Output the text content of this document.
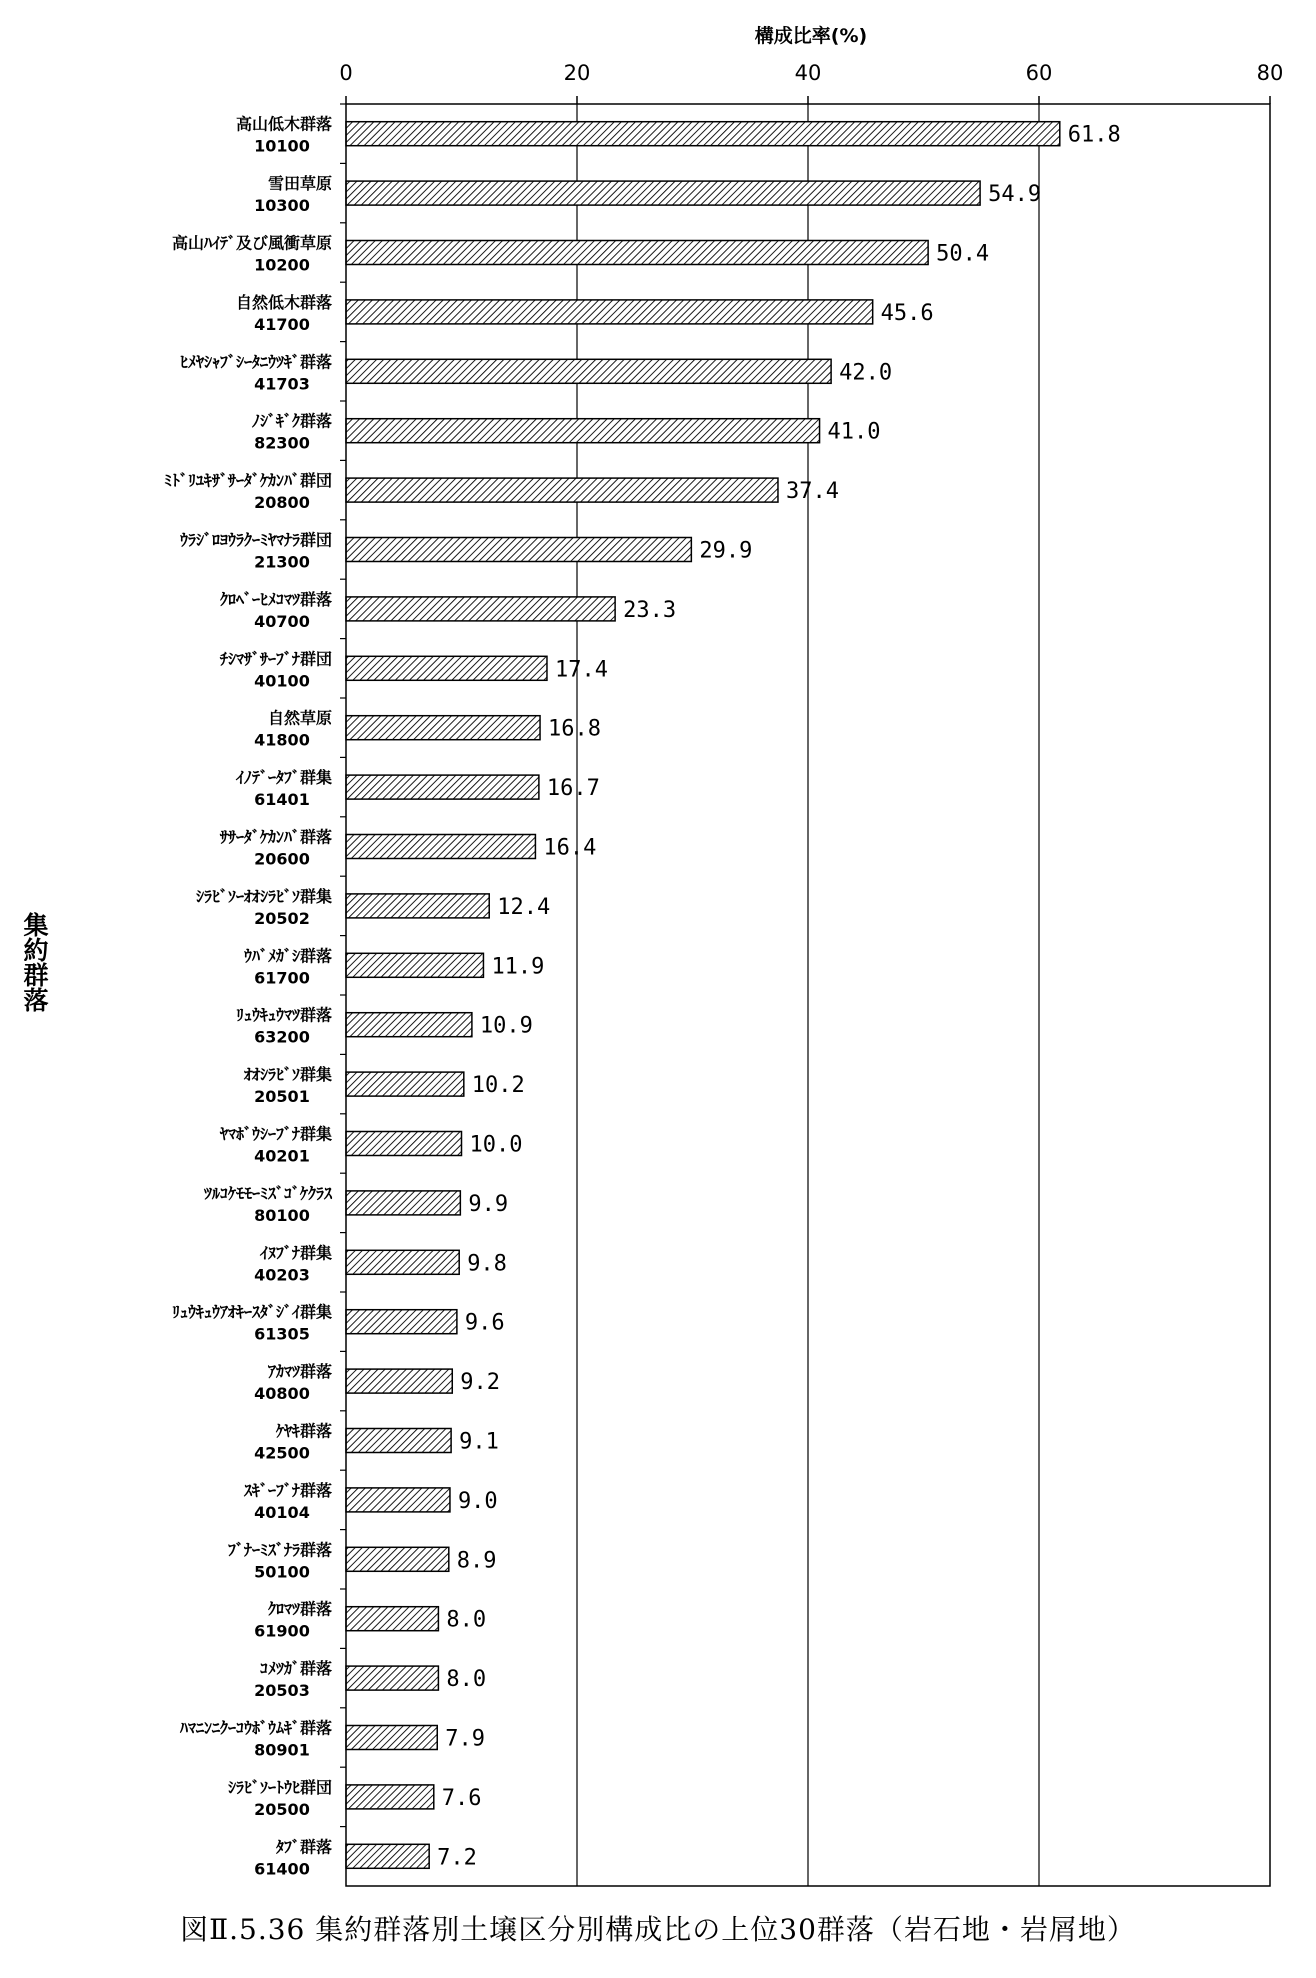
構成比率(%)
0	20	40	60	80
61.8
54.9
50.4
45.6
42.0
41.0
37.4
29.9
23.3
17.4
16.8
16.7
16.4
12.4
11.9
10.9
10.2
10.0
9.9
9.8
9.6
9.2
9.1
9.0
8.9
8.0
8.0
7.9
7.6
7.2
高山低木群落
10100
雪田草原
10300
高山ﾊｲﾃﾞ及び風衝草原
10200
自然低木群落
41700
ﾋﾒﾔｼｬﾌﾞｼｰﾀﾆｳﾂｷﾞ群落
41703
ﾉｼﾞｷﾞｸ群落
82300
ﾐﾄﾞﾘﾕｷｻﾞｻｰﾀﾞｹｶﾝﾊﾞ群団
20800
ｳﾗｼﾞﾛﾖｳﾗｸｰﾐﾔﾏﾅﾗ群団
21300
ｸﾛﾍﾞｰﾋﾒｺﾏﾂ群落
40700
ﾁｼﾏｻﾞｻｰﾌﾞﾅ群団
40100
自然草原
41800
ｲﾉﾃﾞｰﾀﾌﾞ群集
61401
ｻｻｰﾀﾞｹｶﾝﾊﾞ群落
20600
ｼﾗﾋﾞｿｰｵｵｼﾗﾋﾞｿ群集
20502
ｳﾊﾞﾒｶﾞｼ群落
61700
ﾘｭｳｷｭｳﾏﾂ群落
63200
ｵｵｼﾗﾋﾞｿ群集
20501
ﾔﾏﾎﾞｳｼｰﾌﾞﾅ群集
40201
ﾂﾙｺｹﾓﾓｰﾐｽﾞｺﾞｹｸﾗｽ
80100
ｲﾇﾌﾞﾅ群集
40203
ﾘｭｳｷｭｳｱｵｷｰｽﾀﾞｼﾞｲ群集
61305
ｱｶﾏﾂ群落
40800
ｹﾔｷ群落
42500
ｽｷﾞｰﾌﾞﾅ群落
40104
ﾌﾞﾅｰﾐｽﾞﾅﾗ群落
50100
ｸﾛﾏﾂ群落
61900
ｺﾒﾂｶﾞ群落
20503
ﾊﾏﾆﾝﾆｸｰｺｳﾎﾞｳﾑｷﾞ群落
80901
ｼﾗﾋﾞｿｰﾄｳﾋ群団
20500
ﾀﾌﾞ群落
61400
集約群落
図Ⅱ.5.36 集約群落別土壌区分別構成比の上位30群落（岩石地・岩屑地）
